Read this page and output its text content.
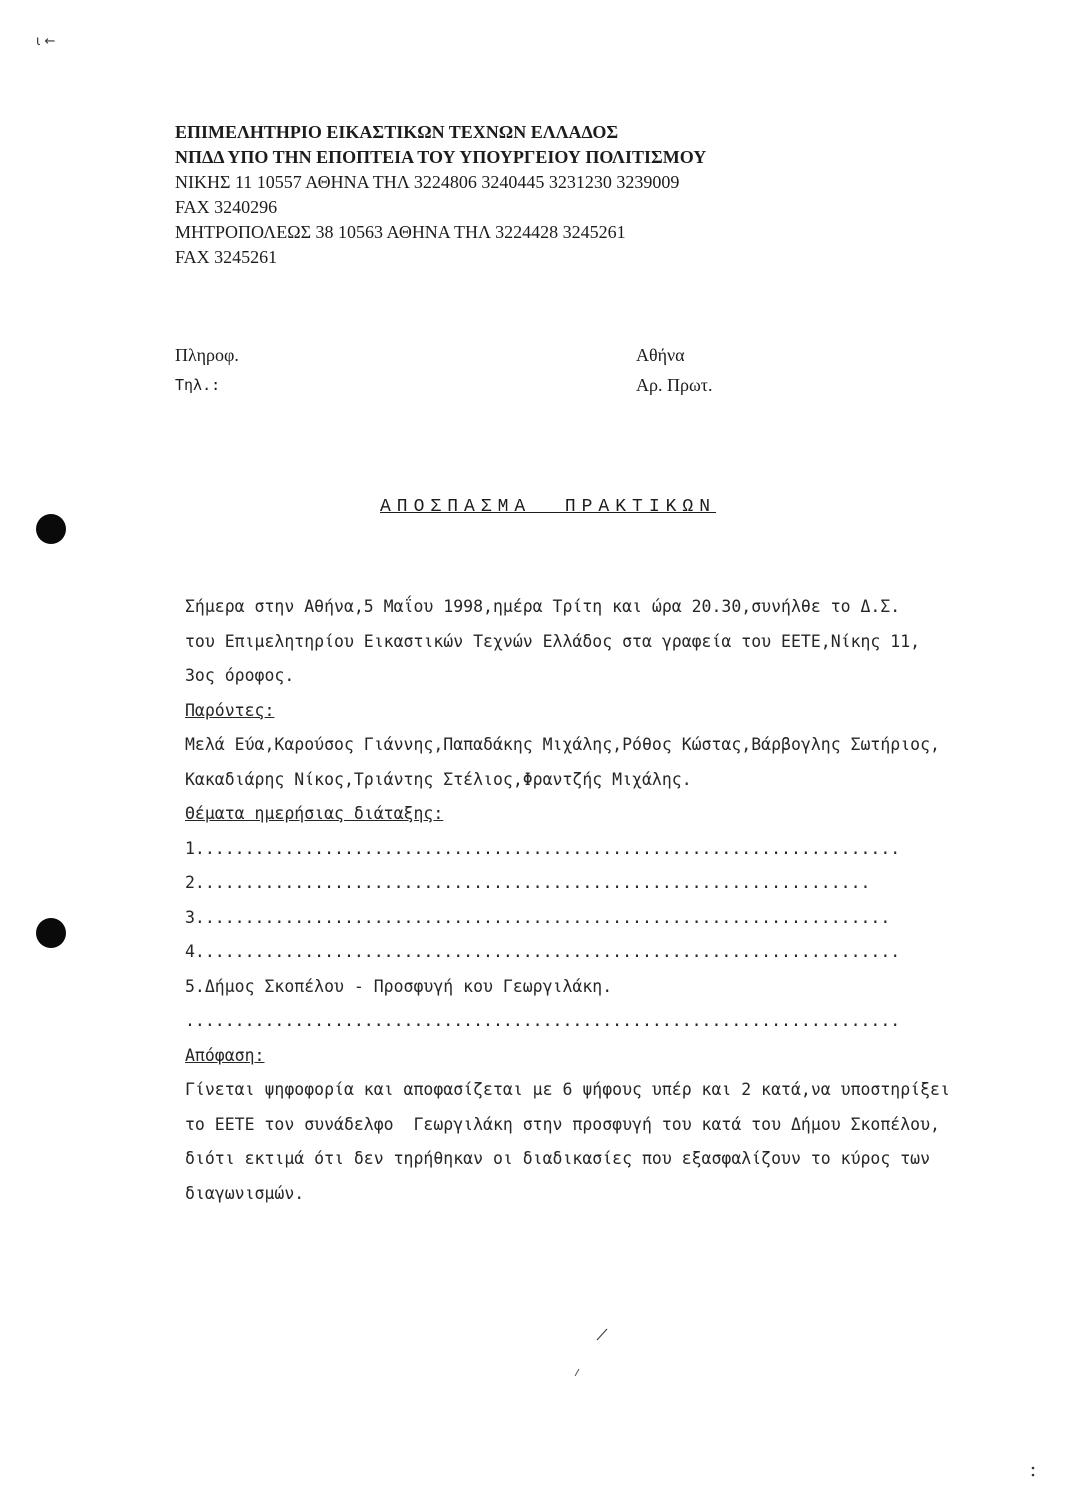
ι ←
ΕΠΙΜΕΛΗΤΗΡΙΟ ΕΙΚΑΣΤΙΚΩΝ ΤΕΧΝΩΝ ΕΛΛΑΔΟΣ
ΝΠΔΔ ΥΠΟ ΤΗΝ ΕΠΟΠΤΕΙΑ ΤΟΥ ΥΠΟΥΡΓΕΙΟΥ ΠΟΛΙΤΙΣΜΟΥ
ΝΙΚΗΣ 11 10557 ΑΘΗΝΑ ΤΗΛ 3224806 3240445 3231230 3239009
FAX 3240296
ΜΗΤΡΟΠΟΛΕΩΣ 38 10563 ΑΘΗΝΑ ΤΗΛ 3224428 3245261
FAX 3245261
Πληροφ.
Τηλ.:
Αθήνα
Αρ. Πρωτ.
ΑΠΟΣΠΑΣΜΑ  ΠΡΑΚΤΙΚΩΝ
Σήμερα στην Αθήνα,5 Μαΐου 1998,ημέρα Τρίτη και ώρα 20.30,συνήλθε το Δ.Σ.
του Επιμελητηρίου Εικαστικών Τεχνών Ελλάδος στα γραφεία του ΕΕΤΕ,Νίκης 11,
3ος όροφος.
Παρόντες:
Μελά Εύα,Καρούσος Γιάννης,Παπαδάκης Μιχάλης,Ρόθος Κώστας,Βάρβογλης Σωτήριος,
Κακαδιάρης Νίκος,Τριάντης Στέλιος,Φραντζής Μιχάλης.
Θέματα ημερήσιας διάταξης:
1.......................................................................
2....................................................................
3......................................................................
4.......................................................................
5.Δήμος Σκοπέλου - Προσφυγή κου Γεωργιλάκη.
........................................................................
Απόφαση:
Γίνεται ψηφοφορία και αποφασίζεται με 6 ψήφους υπέρ και 2 κατά,να υποστηρίξει
το ΕΕΤΕ τον συνάδελφο  Γεωργιλάκη στην προσφυγή του κατά του Δήμου Σκοπέλου,
διότι εκτιμά ότι δεν τηρήθηκαν οι διαδικασίες που εξασφαλίζουν το κύρος των
διαγωνισμών.
